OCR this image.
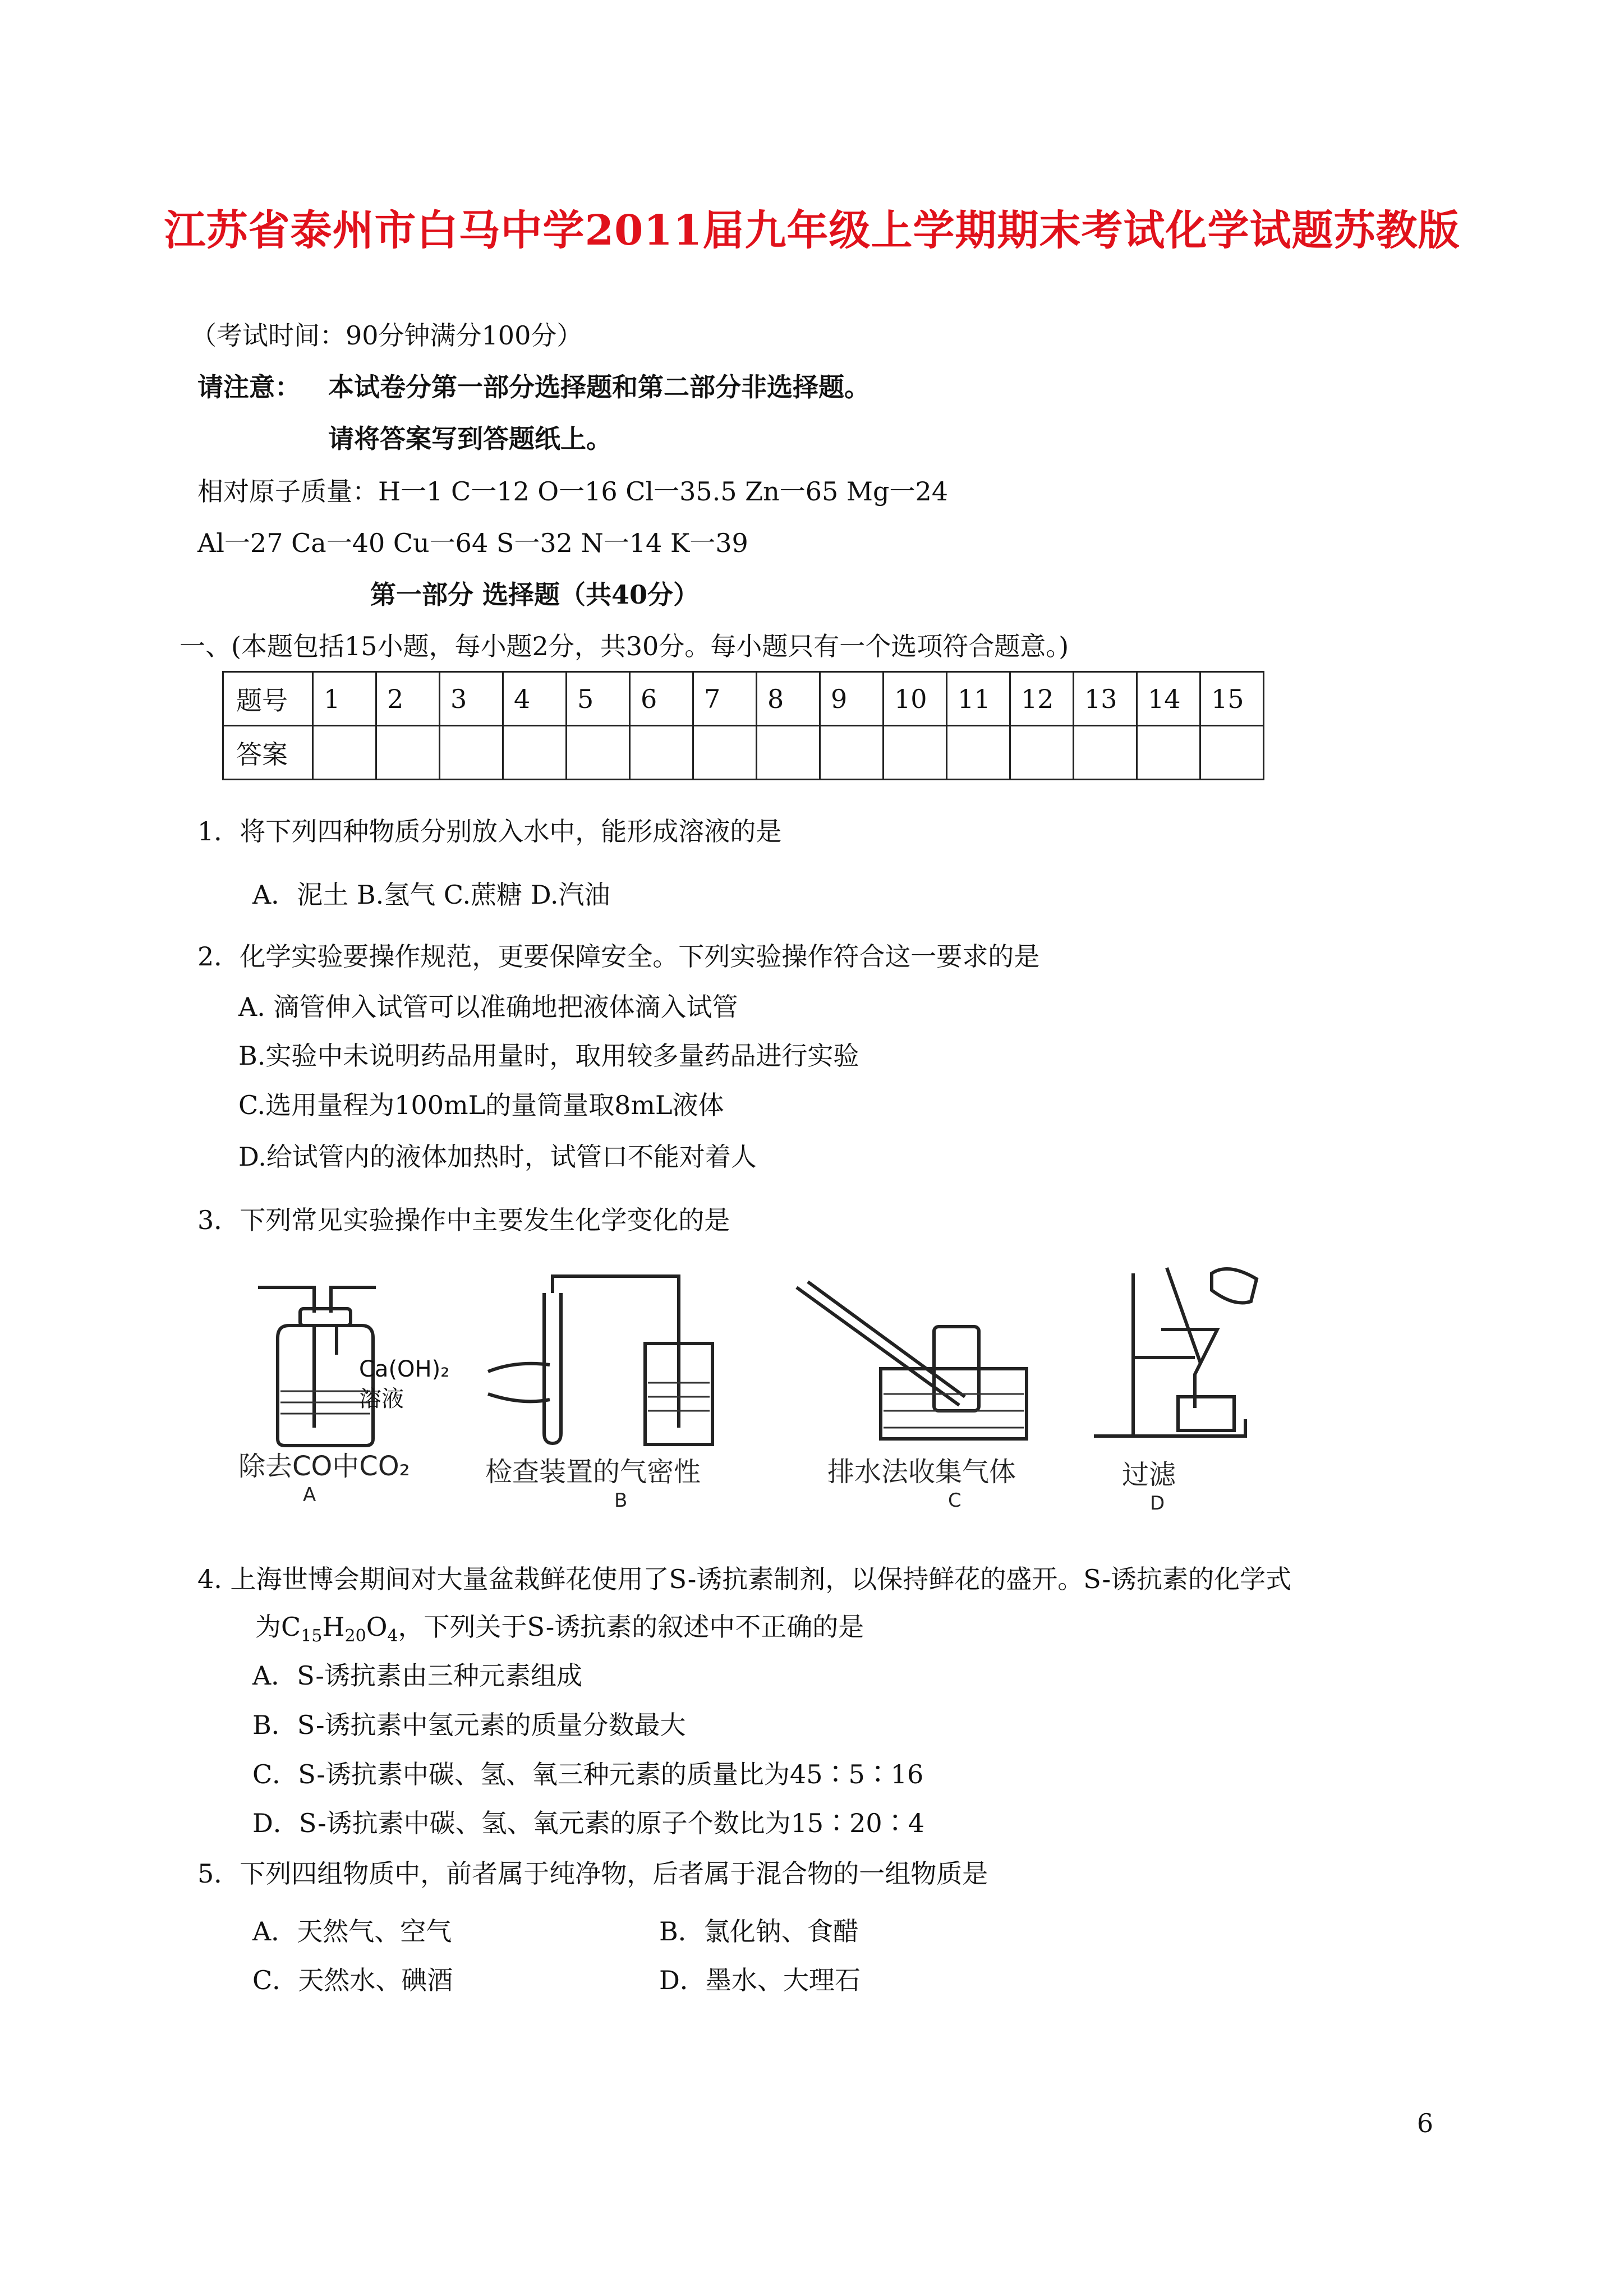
江苏省泰州市白马中学2011届九年级上学期期末考试化学试题苏教版
（考试时间：90分钟满分100分）
请注意： 本试卷分第一部分选择题和第二部分非选择题。
请将答案写到答题纸上。
相对原子质量：H一1 C一12 O一16 Cl一35.5 Zn一65 Mg一24
Al一27 Ca一40 Cu一64 S一32 N一14 K一39
第一部分 选择题（共40分）
一、(本题包括15小题，每小题2分，共30分。每小题只有一个选项符合题意。)
题号	1	2	3	4	5	6	7	8	9	10	11	12	13	14	15
答案															
1．将下列四种物质分别放入水中，能形成溶液的是
A．泥土 B.氢气 C.蔗糖 D.汽油
2．化学实验要操作规范，更要保障安全。下列实验操作符合这一要求的是
A. 滴管伸入试管可以准确地把液体滴入试管
B.实验中未说明药品用量时，取用较多量药品进行实验
C.选用量程为100mL的量筒量取8mL液体
D.给试管内的液体加热时，试管口不能对着人
3．下列常见实验操作中主要发生化学变化的是
Ca(OH)₂
溶液
除去CO中CO₂
A
检查装置的气密性
B
排水法收集气体
C
过滤
D
4. 上海世博会期间对大量盆栽鲜花使用了S-诱抗素制剂，以保持鲜花的盛开。S-诱抗素的化学式
为$C_{15}H_{20}O_4$，下列关于S-诱抗素的叙述中不正确的是
A．S-诱抗素由三种元素组成
B．S-诱抗素中氢元素的质量分数最大
C．S-诱抗素中碳、氢、氧三种元素的质量比为45∶5∶16
D．S-诱抗素中碳、氢、氧元素的原子个数比为15∶20∶4
5．下列四组物质中，前者属于纯净物，后者属于混合物的一组物质是
A．天然气、空气	B．氯化钠、食醋
C．天然水、碘酒	D．墨水、大理石
6
